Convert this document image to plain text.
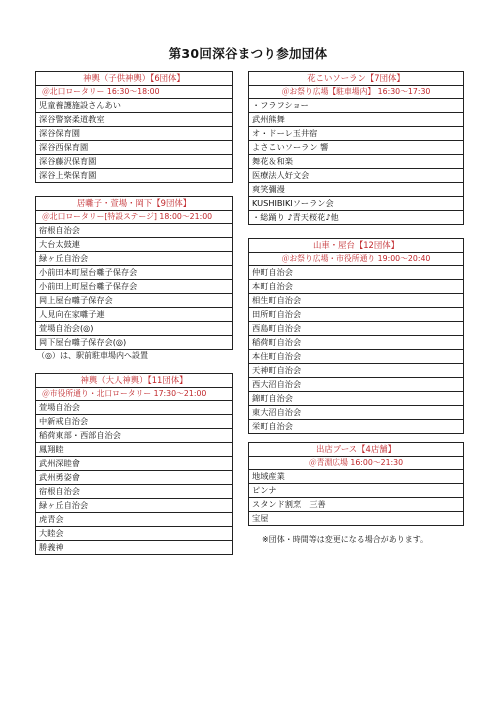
第30回深谷まつり参加団体
神輿（子供神輿）【6団体】
＠北口ロータリー 16:30～18:00
児童養護施設さんあい
深谷警察柔道教室
深谷保育園
深谷西保育園
深谷藤沢保育園
深谷上柴保育園
居囃子・萱場・岡下【9団体】
＠北口ロータリー[特設ステージ] 18:00～21:00
宿根自治会
大台太鼓連
緑ヶ丘自治会
小前田本町屋台囃子保存会
小前田上町屋台囃子保存会
岡上屋台囃子保存会
人見向在家囃子連
萱場自治会(◎)
岡下屋台囃子保存会(◎)
（◎）は、駅前駐車場内へ設置
神輿（大人神輿）【11団体】
＠市役所通り・北口ロータリー 17:30～21:00
萱場自治会
中新戒自治会
稲荷東部・西部自治会
鳳翔睦
武州深睦會
武州勇姿會
宿根自治会
緑ヶ丘自治会
虎青会
大睦会
勝義神
花こいソーラン【7団体】
＠お祭り広場【駐車場内】 16:30～17:30
・フラフショー
武州熊舞
オ・ドーレ玉井宿
よさこいソーラン 響
舞花＆和楽
医療法人好文会
爽笑彌漫
KUSHIBIKIソーラン会
・総踊り ♪青天桜花♪他
山車・屋台【12団体】
＠お祭り広場・市役所通り 19:00～20:40
仲町自治会
本町自治会
相生町自治会
田所町自治会
西島町自治会
稲荷町自治会
本住町自治会
天神町自治会
西大沼自治会
錦町自治会
東大沼自治会
栄町自治会
出店ブース【4店舗】
＠青淵広場 16:00～21:30
地域産業
ピンナ
スタンド割烹　三善
宝屋
※団体・時間等は変更になる場合があります。
